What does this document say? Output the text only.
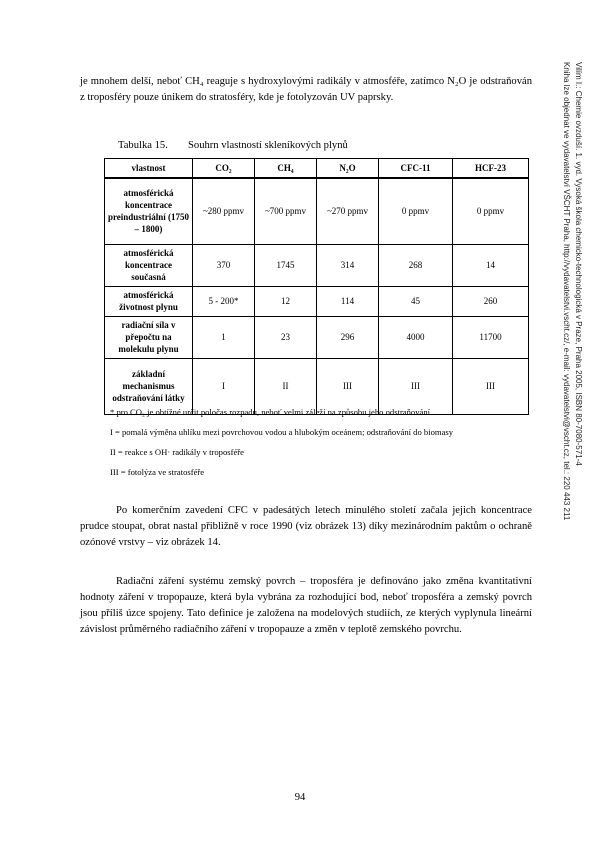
je mnohem delší, neboť CH₄ reaguje s hydroxylovými radikály v atmosféře, zatímco N₂O je odstraňován z troposféry pouze únikem do stratosféry, kde je fotolyzován UV paprsky.

Tabulka 15. Souhrn vlastností skleníkových plynů

vlastnost	CO₂	CH₄	N₂O	CFC-11	HCF-23
atmosférická koncentrace preindustriální (1750 – 1800)	~280 ppmv	~700 ppmv	~270 ppmv	0 ppmv	0 ppmv
atmosférická koncentrace současná	370	1745	314	268	14
atmosférická životnost plynu	5 - 200*	12	114	45	260
radiační síla v přepočtu na molekulu plynu	1	23	296	4000	11700
základní mechanismus odstraňování látky	I	II	III	III	III
* pro CO₂ je obtížné určit poločas rozpadu, neboť velmi záleží na způsobu jeho odstraňování
I = pomalá výměna uhlíku mezi povrchovou vodou a hlubokým oceánem; odstraňování do biomasy
II = reakce s OH· radikály v troposféře
III = fotolýza ve stratosféře

Po komerčním zavedení CFC v padesátých letech minulého století začala jejich koncentrace prudce stoupat, obrat nastal přibližně v roce 1990 (viz obrázek 13) díky mezinárodním paktům o ochraně ozónové vrstvy – viz obrázek 14.

Radiační záření systému zemský povrch – troposféra je definováno jako změna kvantitativní hodnoty záření v tropopauze, která byla vybrána za rozhodující bod, neboť troposféra a zemský povrch jsou příliš úzce spojeny. Tato definice je založena na modelových studiích, ze kterých vyplynula lineární závislost průměrného radiačního záření v tropopauze a změn v teplotě zemského povrchu.

Vilím I.: Chemie ovzduší. 1. vyd. Vysoká škola chemicko-technologická v Praze, Praha 2005, ISBN 80-7080-571-4
Kniha lze objednat ve vydavatelství VŠCHT Praha, http://vydavatelstvi.vscht.cz/, e-mail: vydavatelstvi@vscht.cz, tel.: 220 443 211
94
